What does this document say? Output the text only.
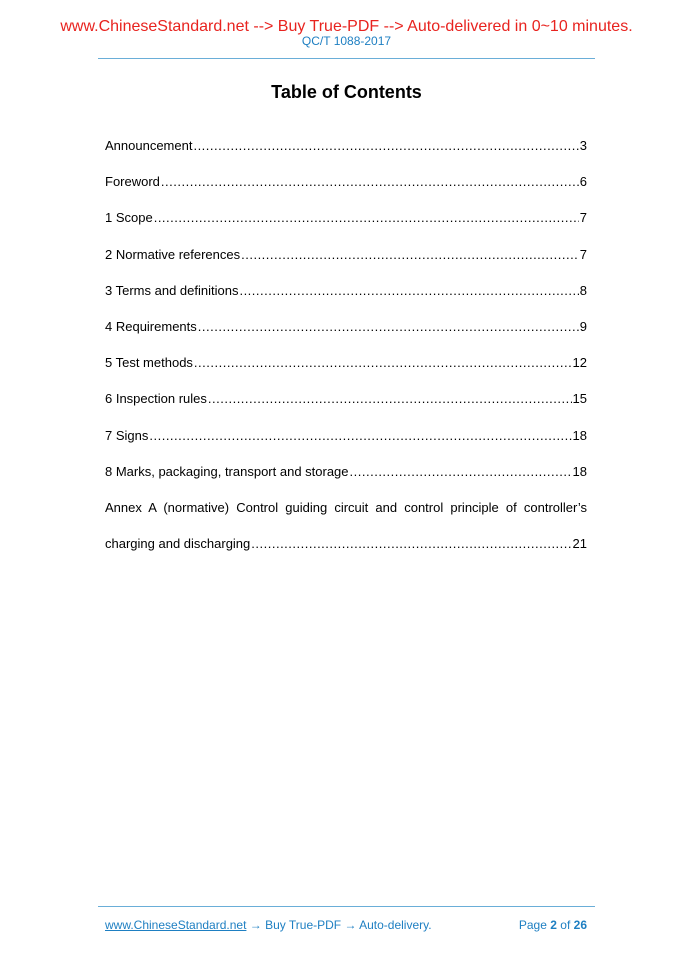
www.ChineseStandard.net --> Buy True-PDF --> Auto-delivered in 0~10 minutes.
QC/T 1088-2017
Table of Contents
Announcement .....	3
Foreword .....	6
1 Scope .....	7
2 Normative references .....	7
3 Terms and definitions .....	8
4 Requirements .....	9
5 Test methods .....	12
6 Inspection rules .....	15
7 Signs .....	18
8 Marks, packaging, transport and storage .....	18
Annex A (normative) Control guiding circuit and control principle of controller’s
charging and discharging .....	21
www.ChineseStandard.net → Buy True-PDF → Auto-delivery.	Page 2 of 26
